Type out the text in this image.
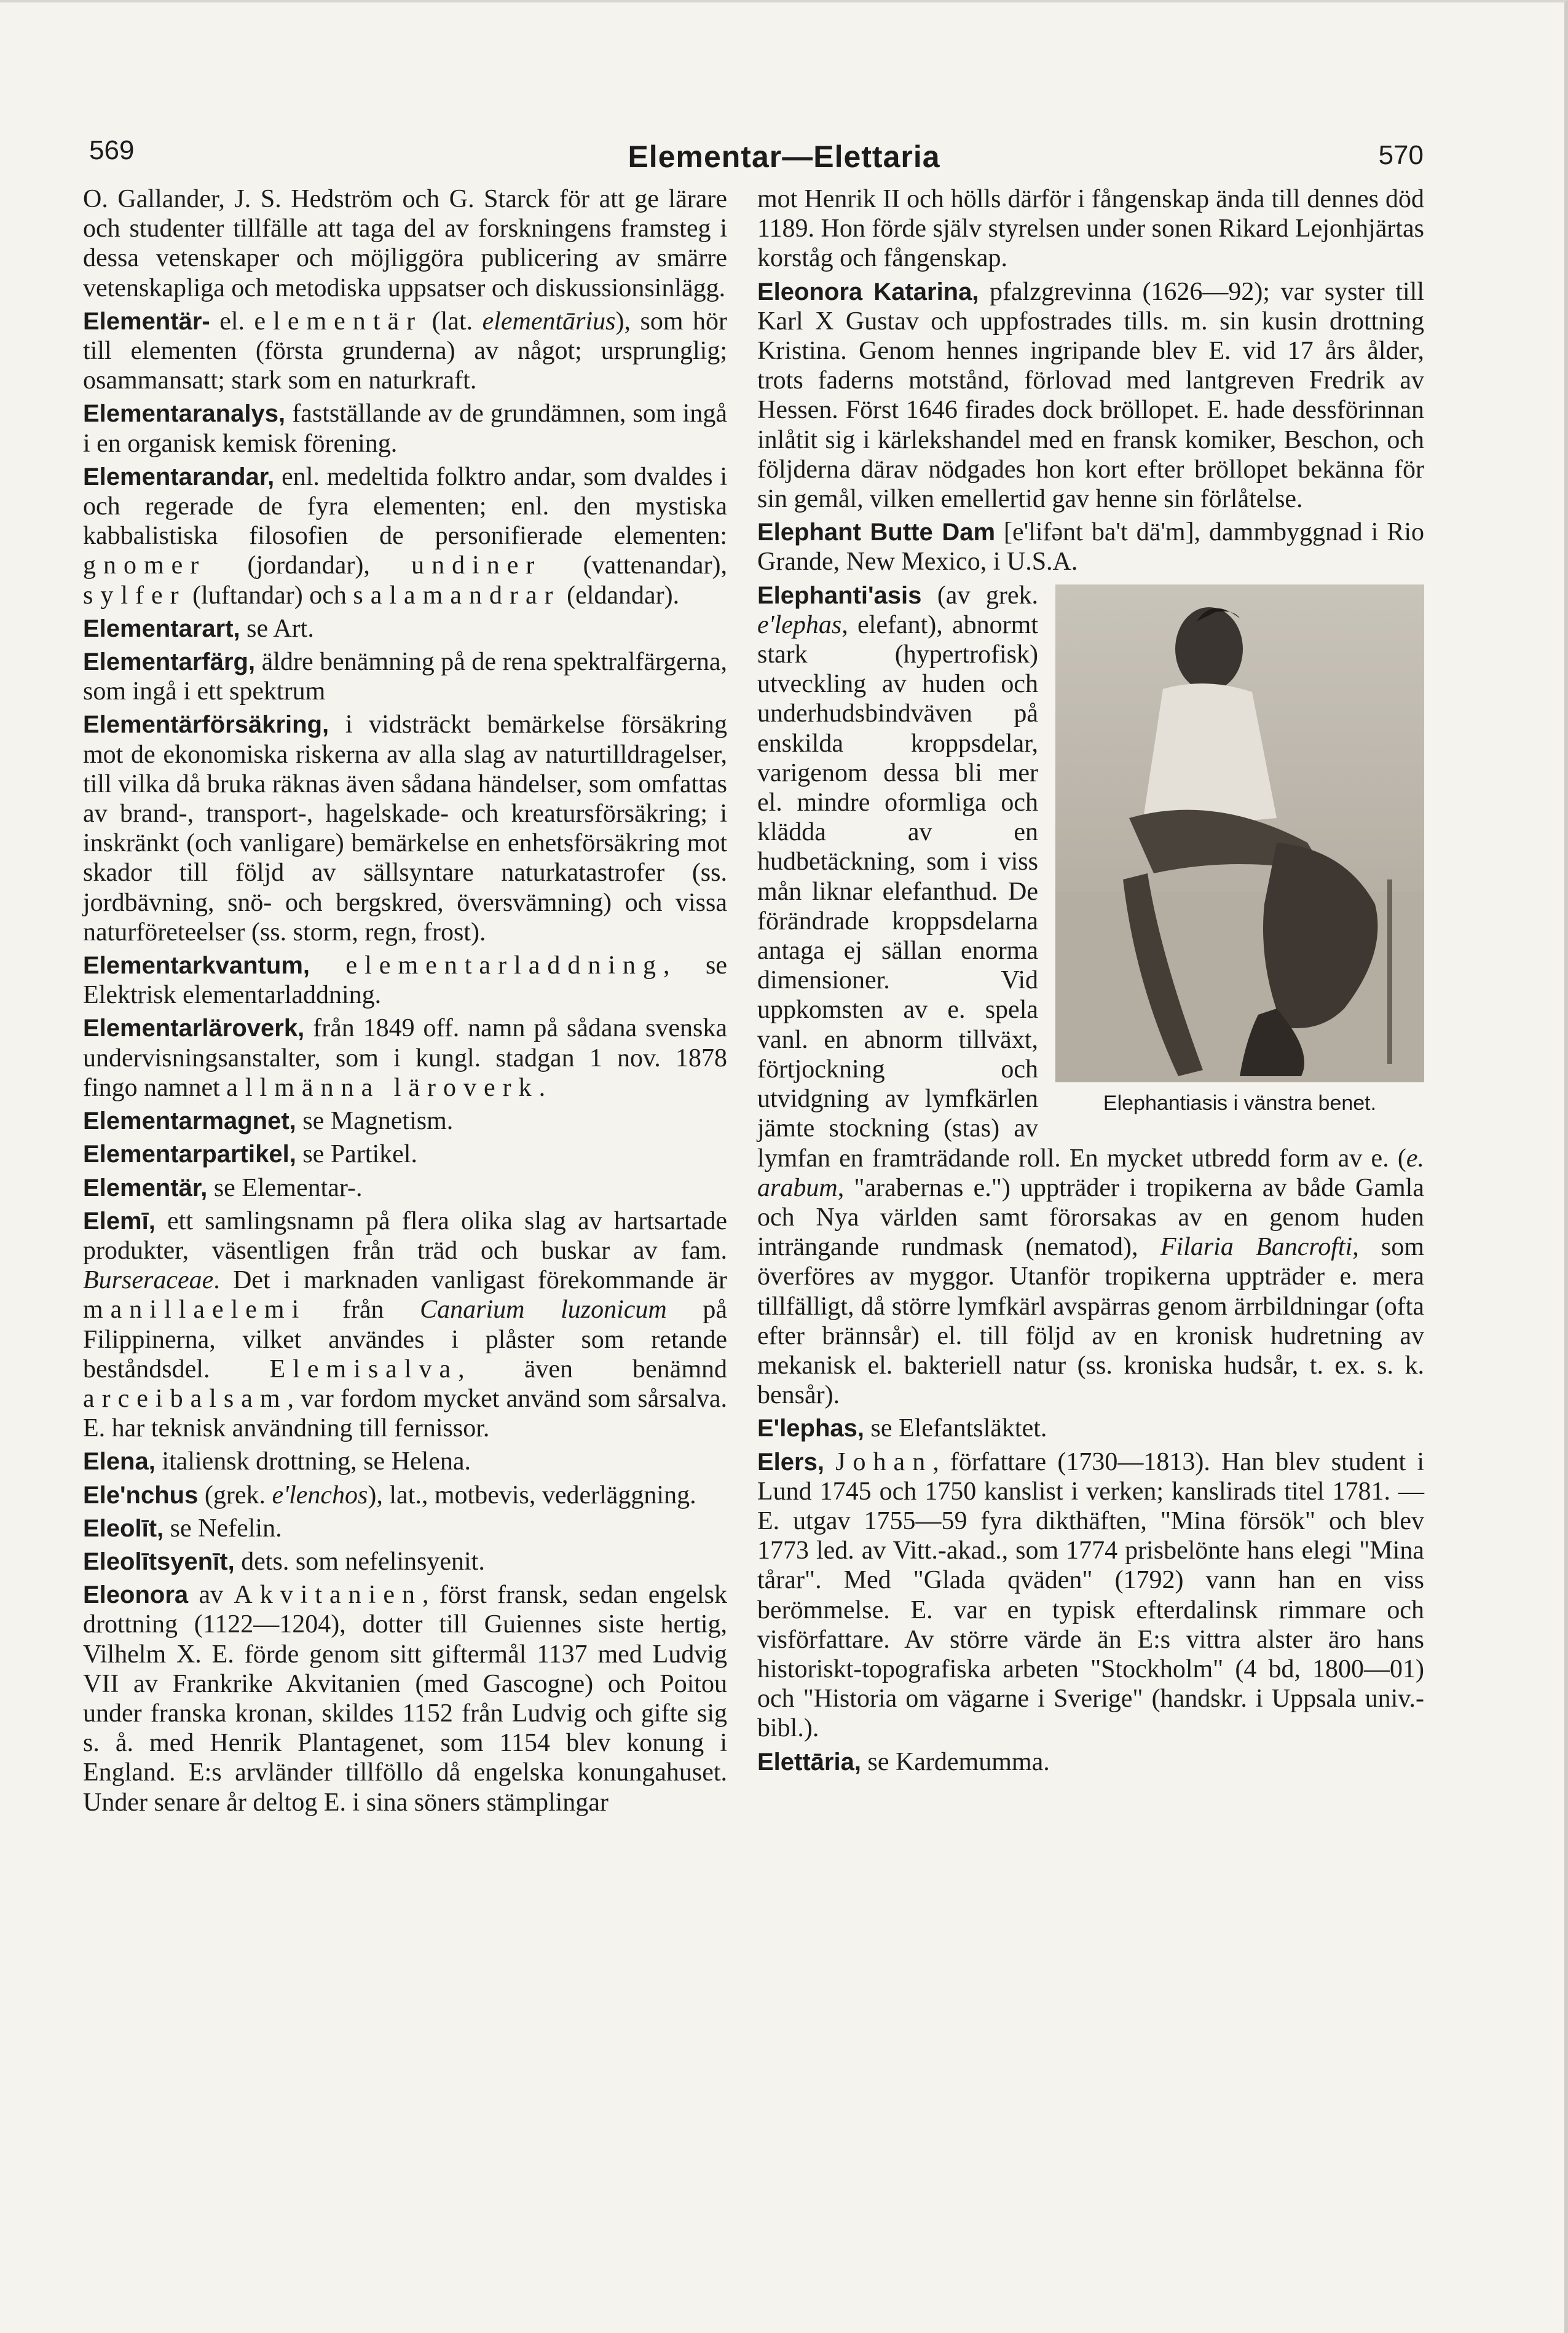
569	Elementar—Elettaria	570

O. Gallander, J. S. Hedström och G. Starck för att ge lärare och studenter tillfälle att taga del av forskningens framsteg i dessa vetenskaper och möjliggöra publicering av smärre vetenskapliga och metodiska uppsatser och diskussionsinlägg.

Elementär- el. elementär (lat. elementārius), som hör till elementen (första grunderna) av något; ursprunglig; osammansatt; stark som en naturkraft.

Elementaranalys, fastställande av de grundämnen, som ingå i en organisk kemisk förening.

Elementarandar, enl. medeltida folktro andar, som dvaldes i och regerade de fyra elementen; enl. den mystiska kabbalistiska filosofien de personifierade elementen: gnomer (jordandar), undiner (vattenandar), sylfer (luftandar) och salamandrar (eldandar).

Elementarart, se Art.

Elementarfärg, äldre benämning på de rena spektralfärgerna, som ingå i ett spektrum

Elementärförsäkring, i vidsträckt bemärkelse försäkring mot de ekonomiska riskerna av alla slag av naturtilldragelser, till vilka då bruka räknas även sådana händelser, som omfattas av brand-, transport-, hagelskade- och kreatursförsäkring; i inskränkt (och vanligare) bemärkelse en enhetsförsäkring mot skador till följd av sällsyntare naturkatastrofer (ss. jordbävning, snö- och bergskred, översvämning) och vissa naturföreteelser (ss. storm, regn, frost).

Elementarkvantum, elementarladdning, se Elektrisk elementarladdning.

Elementarläroverk, från 1849 off. namn på sådana svenska undervisningsanstalter, som i kungl. stadgan 1 nov. 1878 fingo namnet allmänna läroverk.

Elementarmagnet, se Magnetism.

Elementarpartikel, se Partikel.

Elementär, se Elementar-.

Elemī, ett samlingsnamn på flera olika slag av hartsartade produkter, väsentligen från träd och buskar av fam. Burseraceae. Det i marknaden vanligast förekommande är manillaelemi från Canarium luzonicum på Filippinerna, vilket användes i plåster som retande beståndsdel. Elemisalva, även benämnd arceibalsam, var fordom mycket använd som sårsalva. E. har teknisk användning till fernissor.

Elena, italiensk drottning, se Helena.

Ele'nchus (grek. e'lenchos), lat., motbevis, vederläggning.

Eleolīt, se Nefelin.

Eleolītsyenīt, dets. som nefelinsyenit.

Eleonora av Akvitanien, först fransk, sedan engelsk drottning (1122—1204), dotter till Guiennes siste hertig, Vilhelm X. E. förde genom sitt giftermål 1137 med Ludvig VII av Frankrike Akvitanien (med Gascogne) och Poitou under franska kronan, skildes 1152 från Ludvig och gifte sig s. å. med Henrik Plantagenet, som 1154 blev konung i England. E:s arvländer tillföllo då engelska konungahuset. Under senare år deltog E. i sina söners stämplingar

mot Henrik II och hölls därför i fångenskap ända till dennes död 1189. Hon förde själv styrelsen under sonen Rikard Lejonhjärtas korståg och fångenskap.

Eleonora Katarina, pfalzgrevinna (1626—92); var syster till Karl X Gustav och uppfostrades tills. m. sin kusin drottning Kristina. Genom hennes ingripande blev E. vid 17 års ålder, trots faderns motstånd, förlovad med lantgreven Fredrik av Hessen. Först 1646 firades dock bröllopet. E. hade dessförinnan inlåtit sig i kärlekshandel med en fransk komiker, Beschon, och följderna därav nödgades hon kort efter bröllopet bekänna för sin gemål, vilken emellertid gav henne sin förlåtelse.

Elephant Butte Dam [e'lifənt ba't dä'm], dammbyggnad i Rio Grande, New Mexico, i U.S.A.

Elephantiasis i vänstra benet.

Elephanti'asis (av grek. e'lephas, elefant), abnormt stark (hypertrofisk) utveckling av huden och underhudsbindväven på enskilda kroppsdelar, varigenom dessa bli mer el. mindre oformliga och klädda av en hudbetäckning, som i viss mån liknar elefanthud. De förändrade kroppsdelarna antaga ej sällan enorma dimensioner. Vid uppkomsten av e. spela vanl. en abnorm tillväxt, förtjockning och utvidgning av lymfkärlen jämte stockning (stas) av lymfan en framträdande roll. En mycket utbredd form av e. (e. arabum, "arabernas e.") uppträder i tropikerna av både Gamla och Nya världen samt förorsakas av en genom huden inträngande rundmask (nematod), Filaria Bancrofti, som överföres av myggor. Utanför tropikerna uppträder e. mera tillfälligt, då större lymfkärl avspärras genom ärrbildningar (ofta efter brännsår) el. till följd av en kronisk hudretning av mekanisk el. bakteriell natur (ss. kroniska hudsår, t. ex. s. k. bensår).

E'lephas, se Elefantsläktet.

Elers, Johan, författare (1730—1813). Han blev student i Lund 1745 och 1750 kanslist i verken; kanslirads titel 1781. — E. utgav 1755—59 fyra dikthäften, "Mina försök" och blev 1773 led. av Vitt.-akad., som 1774 prisbelönte hans elegi "Mina tårar". Med "Glada qväden" (1792) vann han en viss berömmelse. E. var en typisk efterdalinsk rimmare och visförfattare. Av större värde än E:s vittra alster äro hans historiskt-topografiska arbeten "Stockholm" (4 bd, 1800—01) och "Historia om vägarne i Sverige" (handskr. i Uppsala univ.-bibl.).

Elettāria, se Kardemumma.
